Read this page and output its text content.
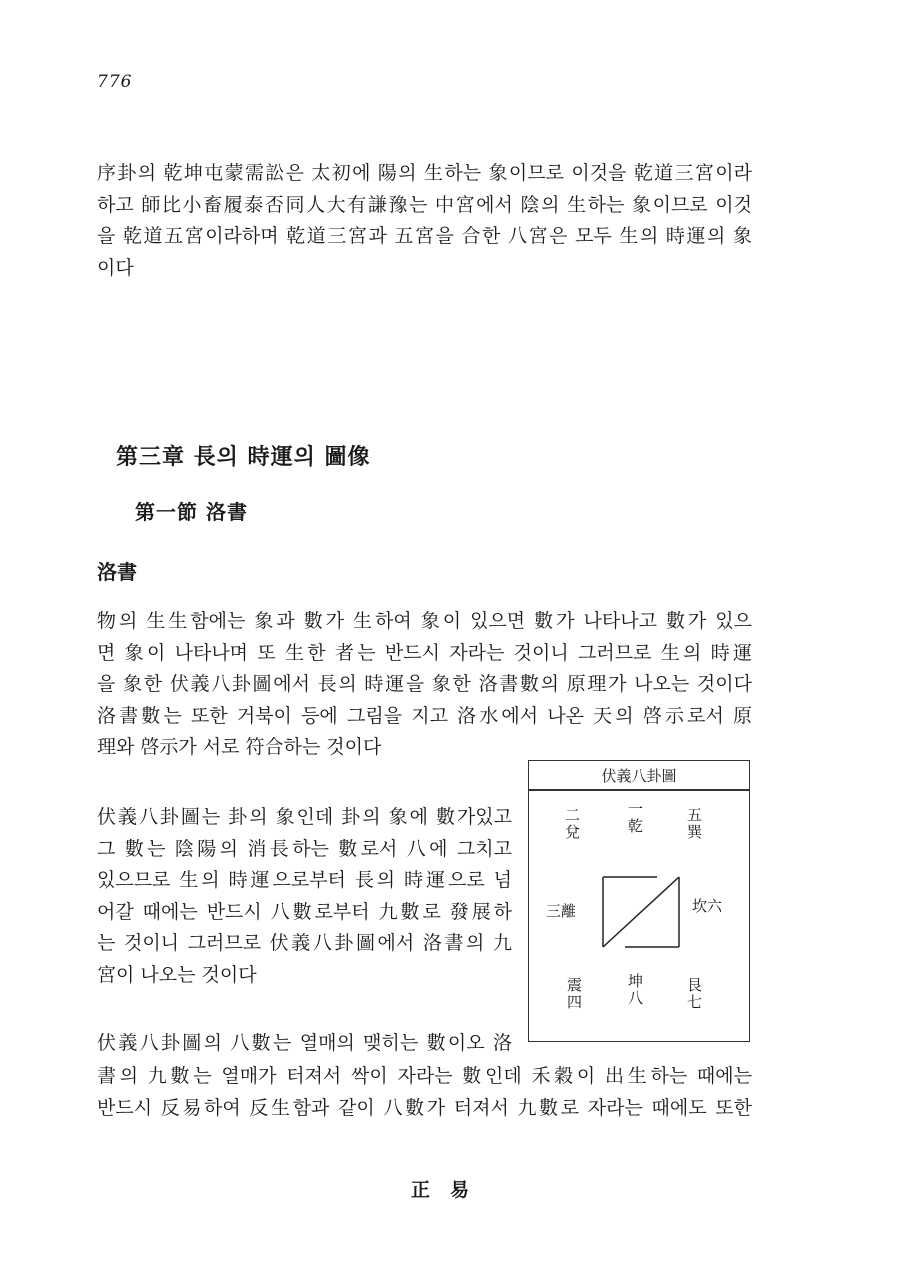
776
序卦의 乾坤屯蒙需訟은 太初에 陽의 生하는 象이므로 이것을 乾道三宮이라
하고 師比小畜履泰否同人大有謙豫는 中宮에서 陰의 生하는 象이므로 이것
을 乾道五宮이라하며 乾道三宮과 五宮을 合한 八宮은 모두 生의 時運의 象
이다
第三章 長의 時運의 圖像
第一節 洛書
洛書
物의 生生함에는 象과 數가 生하여 象이 있으면 數가 나타나고 數가 있으
면 象이 나타나며 또 生한 者는 반드시 자라는 것이니 그러므로 生의 時運
을 象한 伏義八卦圖에서 長의 時運을 象한 洛書數의 原理가 나오는 것이다
洛書數는 또한 거북이 등에 그림을 지고 洛水에서 나온 天의 啓示로서 原
理와 啓示가 서로 符合하는 것이다
伏義八卦圖는 卦의 象인데 卦의 象에 數가있고
그 數는 陰陽의 消長하는 數로서 八에 그치고
있으므로 生의 時運으로부터 長의 時運으로 넘
어갈 때에는 반드시 八數로부터 九數로 發展하
는 것이니 그러므로 伏義八卦圖에서 洛書의 九
宮이 나오는 것이다
伏義八卦圖의 八數는 열매의 맺히는 數이오 洛
書의 九數는 열매가 터져서 싹이 자라는 數인데 禾穀이 出生하는 때에는
반드시 反易하여 反生함과 같이 八數가 터져서 九數로 자라는 때에도 또한
伏義八卦圖
二
兌
一
乾
五
巽
三離	坎六
震
四
坤
八
艮
七
正易
